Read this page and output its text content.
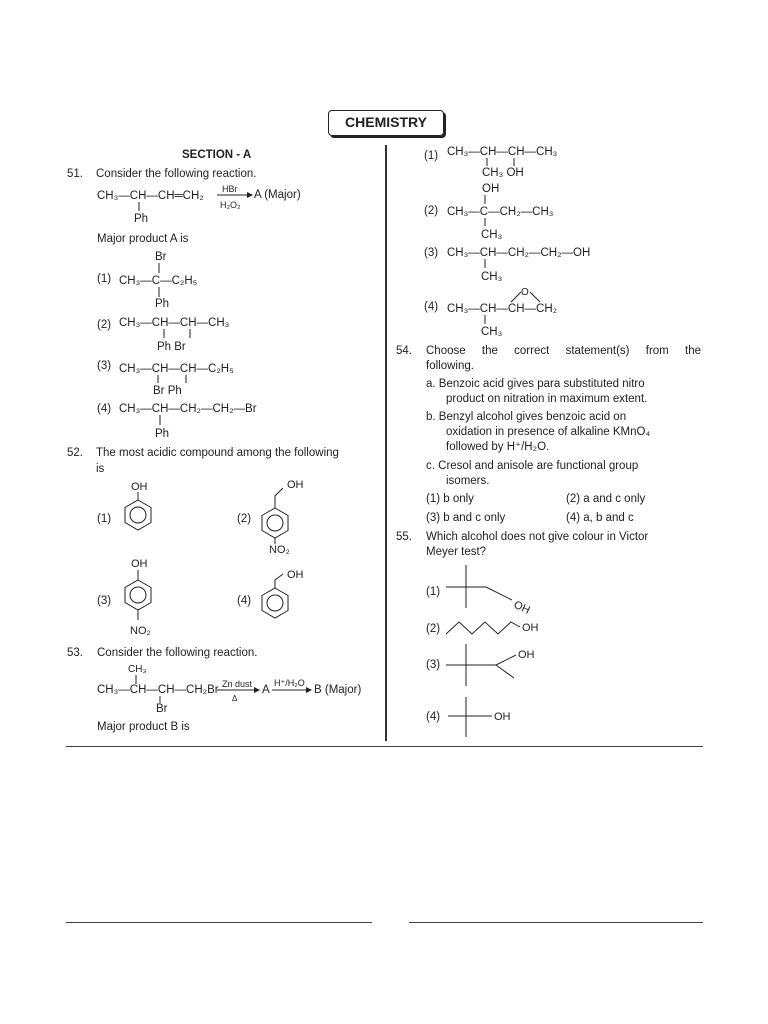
CHEMISTRY
SECTION - A
51. Consider the following reaction.
CH₃—CH—CH═CH₂
Ph
HBr
H₂O₂
A (Major)
Major product A is
(1)
Br
CH₃—C—C₂H₅
Ph
(2) CH₃—CH—CH—CH₃
Ph Br
(3) CH₃—CH—CH—C₂H₅
Br Ph
(4) CH₃—CH—CH₂—CH₂—Br
Ph
52. The most acidic compound among the following
is
(1)
OH
(2)
OH
NO₂
(3)
OH
NO₂
(4)
OH
53. Consider the following reaction.
CH₃
CH₃—CH—CH—CH₂Br
Br
Zn dust
Δ
A
H⁺/H₂O
B (Major)
Major product B is
(1) CH₃—CH—CH—CH₃
CH₃ OH
OH
(2) CH₃—C—CH₂—CH₃
CH₃
(3) CH₃—CH—CH₂—CH₂—OH
CH₃
(4) CH₃—CH—CH—CH₂
O
CH₃
54. Choose the correct statement(s) from the
following.
a. Benzoic acid gives para substituted nitro
product on nitration in maximum extent.
b. Benzyl alcohol gives benzoic acid on
oxidation in presence of alkaline KMnO₄
followed by H⁺/H₂O.
c. Cresol and anisole are functional group
isomers.
(1) b only	(2) a and c only
(3) b and c only	(4) a, b and c
55. Which alcohol does not give colour in Victor
Meyer test?
(1)
OH
(2)	OH
(3)
OH
(4)	OH
